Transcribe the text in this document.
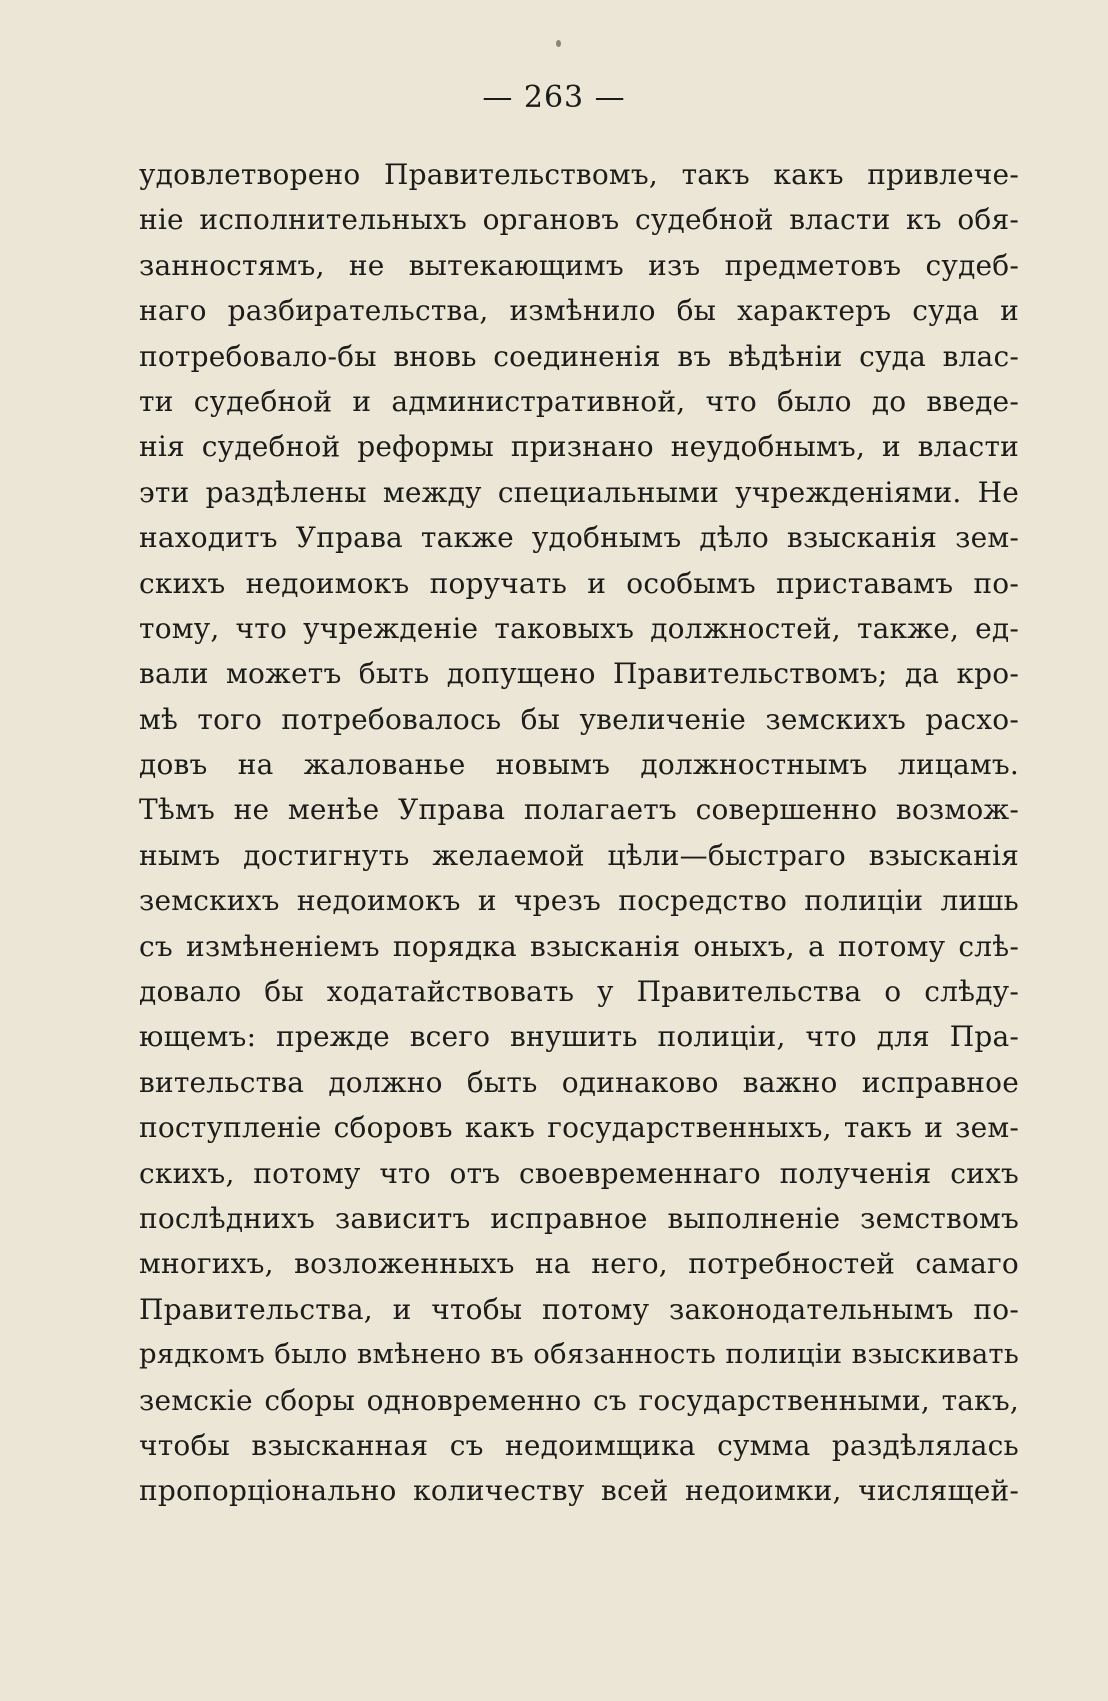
— 263 —
удовлетворено Правительствомъ, такъ какъ привлече-
ніе исполнительныхъ органовъ судебной власти къ обя-
занностямъ, не вытекающимъ изъ предметовъ судеб-
наго разбирательства, измѣнило бы характеръ суда и
потребовало-бы вновь соединенія въ вѣдѣніи суда влас-
ти судебной и административной, что было до введе-
нія судебной реформы признано неудобнымъ, и власти
эти раздѣлены между специальными учрежденіями. Не
находитъ Управа также удобнымъ дѣло взысканія зем-
скихъ недоимокъ поручать и особымъ приставамъ по-
тому, что учрежденіе таковыхъ должностей, также, ед-
вали можетъ быть допущено Правительствомъ; да кро-
мѣ того потребовалось бы увеличеніе земскихъ расхо-
довъ на жалованье новымъ должностнымъ лицамъ.
Тѣмъ не менѣе Управа полагаетъ совершенно возмож-
нымъ достигнуть желаемой цѣли—быстраго взысканія
земскихъ недоимокъ и чрезъ посредство полиціи лишь
съ измѣненіемъ порядка взысканія оныхъ, а потому слѣ-
довало бы ходатайствовать у Правительства о слѣду-
ющемъ: прежде всего внушить полиціи, что для Пра-
вительства должно быть одинаково важно исправное
поступленіе сборовъ какъ государственныхъ, такъ и зем-
скихъ, потому что отъ своевременнаго полученія сихъ
послѣднихъ зависитъ исправное выполненіе земствомъ
многихъ, возложенныхъ на него, потребностей самаго
Правительства, и чтобы потому законодательнымъ по-
рядкомъ было вмѣнено въ обязанность полиціи взыскивать
земскіе сборы одновременно съ государственными, такъ,
чтобы взысканная съ недоимщика сумма раздѣлялась
пропорціонально количеству всей недоимки, числящей-
